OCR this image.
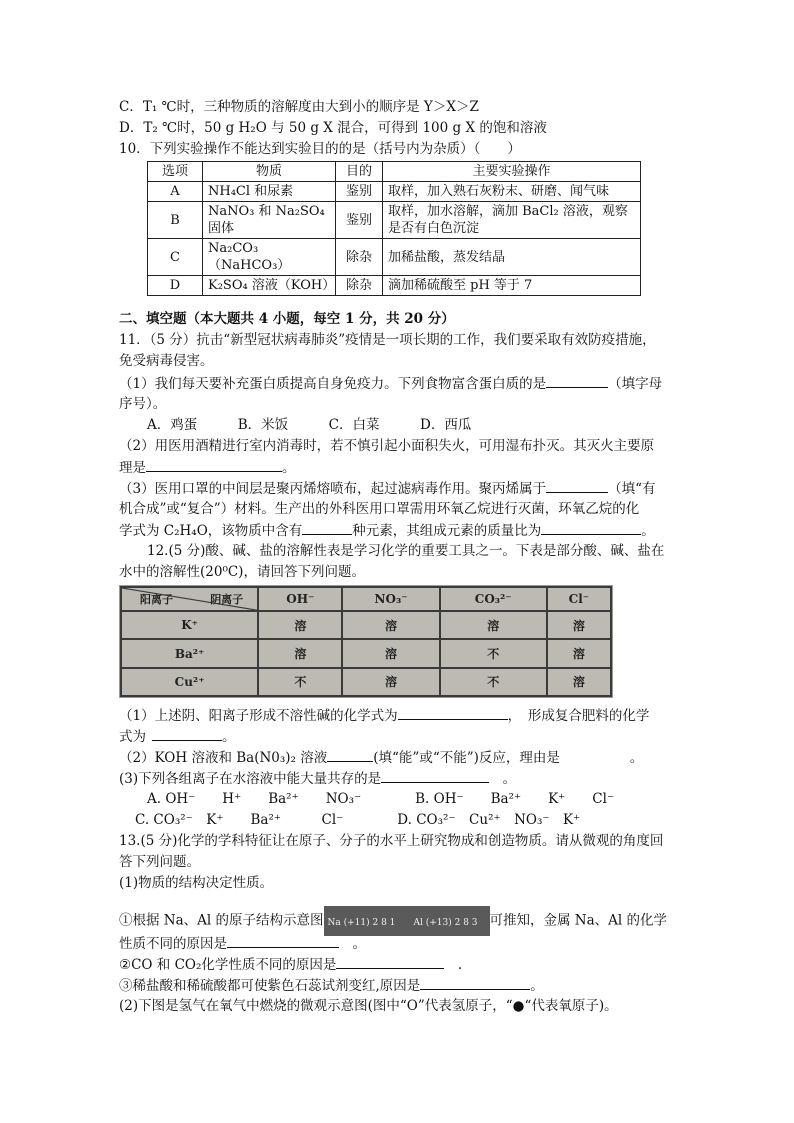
C．T₁ ℃时，三种物质的溶解度由大到小的顺序是 Y＞X＞Z
D．T₂ ℃时，50 g H₂O 与 50 g X 混合，可得到 100 g X 的饱和溶液
10．下列实验操作不能达到实验目的的是（括号内为杂质）（　　）
选项	物质	目的	主要实验操作
A	NH₄Cl 和尿素	鉴别	取样，加入熟石灰粉末、研磨、闻气味
B	NaNO₃ 和 Na₂SO₄ 固体	鉴别	取样，加水溶解，滴加 BaCl₂ 溶液，观察是否有白色沉淀
C	Na₂CO₃（NaHCO₃）	除杂	加稀盐酸，蒸发结晶
D	K₂SO₄ 溶液（KOH）	除杂	滴加稀硫酸至 pH 等于 7
二、填空题（本大题共 4 小题，每空 1 分，共 20 分）
11．（5 分）抗击“新型冠状病毒肺炎”疫情是一项长期的工作，我们要采取有效防疫措施，
免受病毒侵害。
（1）我们每天要补充蛋白质提高自身免疫力。下列食物富含蛋白质的是	（填字母
序号）。
A．鸡蛋　　　B．米饭　　　C．白菜　　　D．西瓜
（2）用医用酒精进行室内消毒时，若不慎引起小面积失火，可用湿布扑灭。其灭火主要原
理是	。
（3）医用口罩的中间层是聚丙烯熔喷布，起过滤病毒作用。聚丙烯属于	（填“有
机合成”或“复合”）材料。生产出的外科医用口罩需用环氧乙烷进行灭菌，环氧乙烷的化
学式为 C₂H₄O，该物质中含有	种元素，其组成元素的质量比为	。
12.(5 分)酸、碱、盐的溶解性表是学习化学的重要工具之一。下表是部分酸、碱、盐在
水中的溶解性(20⁰C)，请回答下列问题。
阴离子
阳离子	OH⁻	NO₃⁻	CO₃²⁻	Cl⁻
K⁺	溶	溶	溶	溶
Ba²⁺	溶	溶	不	溶
Cu²⁺	不	溶	不	溶
（1）上述阴、阳离子形成不溶性碱的化学式为	，　形成复合肥料的化学
式为	。
（2）KOH 溶液和 Ba(N0₃)₂ 溶液	(填“能”或“不能”)反应，理由是	。
(3)下列各组离子在水溶液中能大量共存的是	　。
A. OH⁻　　H⁺　　Ba²⁺　　NO₃⁻　　　　B. OH⁻　　Ba²⁺　　K⁺　　Cl⁻
C. CO₃²⁻　K⁺　　Ba²⁺　　　Cl⁻　　　　D. CO₃²⁻　Cu²⁺　NO₃⁻　K⁺
13.(5 分)化学的学科特征让在原子、分子的水平上研究物成和创造物质。请从微观的角度回
答下列问题。
(1)物质的结构决定性质。
①根据 Na、Al 的原子结构示意图 Na (+11) 2 8 1 Al (+13) 2 8 3 可推知，金属 Na、Al 的化学
性质不同的原因是	　。
②CO 和 CO₂化学性质不同的原因是	　.
③稀盐酸和稀硫酸都可使紫色石蕊试剂变红,原因是	。
(2)下图是氢气在氧气中燃烧的微观示意图(图中“O”代表氢原子，“●“代表氧原子)。
